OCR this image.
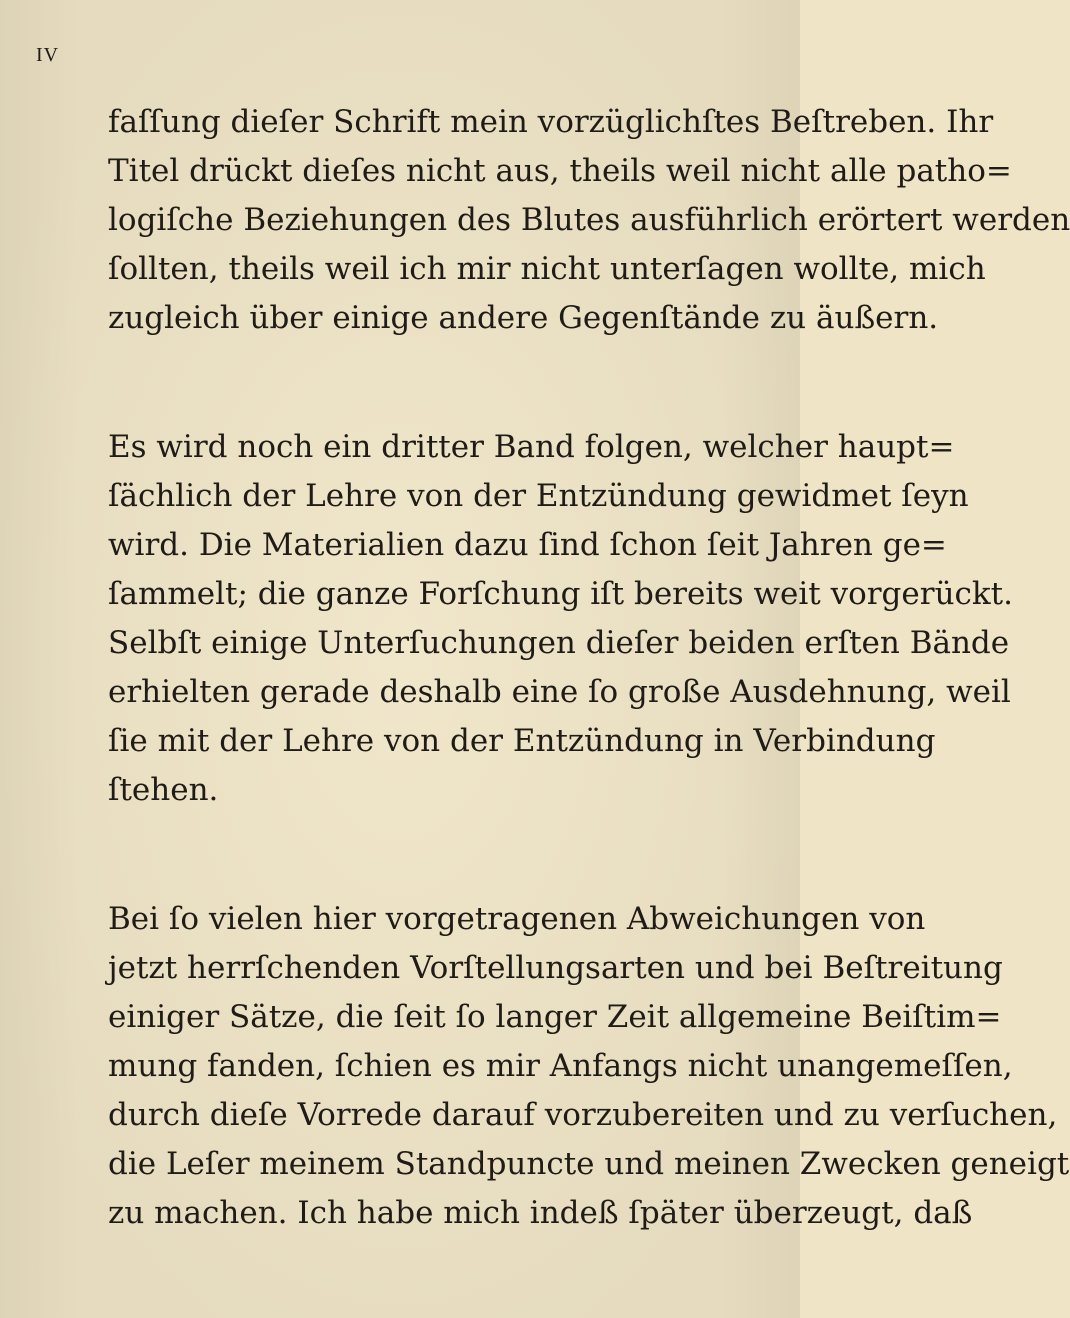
IV
faſſung dieſer Schrift mein vorzüglichſtes Beſtreben. Ihr
Titel drückt dieſes nicht aus, theils weil nicht alle patho=
logiſche Beziehungen des Blutes ausführlich erörtert werden
ſollten, theils weil ich mir nicht unterſagen wollte, mich
zugleich über einige andere Gegenſtände zu äußern.
Es wird noch ein dritter Band folgen, welcher haupt=
ſächlich der Lehre von der Entzündung gewidmet ſeyn
wird. Die Materialien dazu ſind ſchon ſeit Jahren ge=
ſammelt; die ganze Forſchung iſt bereits weit vorgerückt.
Selbſt einige Unterſuchungen dieſer beiden erſten Bände
erhielten gerade deshalb eine ſo große Ausdehnung, weil
ſie mit der Lehre von der Entzündung in Verbindung
ſtehen.
Bei ſo vielen hier vorgetragenen Abweichungen von
jetzt herrſchenden Vorſtellungsarten und bei Beſtreitung
einiger Sätze, die ſeit ſo langer Zeit allgemeine Beiſtim=
mung fanden, ſchien es mir Anfangs nicht unangemeſſen,
durch dieſe Vorrede darauf vorzubereiten und zu verſuchen,
die Leſer meinem Standpuncte und meinen Zwecken geneigt
zu machen. Ich habe mich indeß ſpäter überzeugt, daß
